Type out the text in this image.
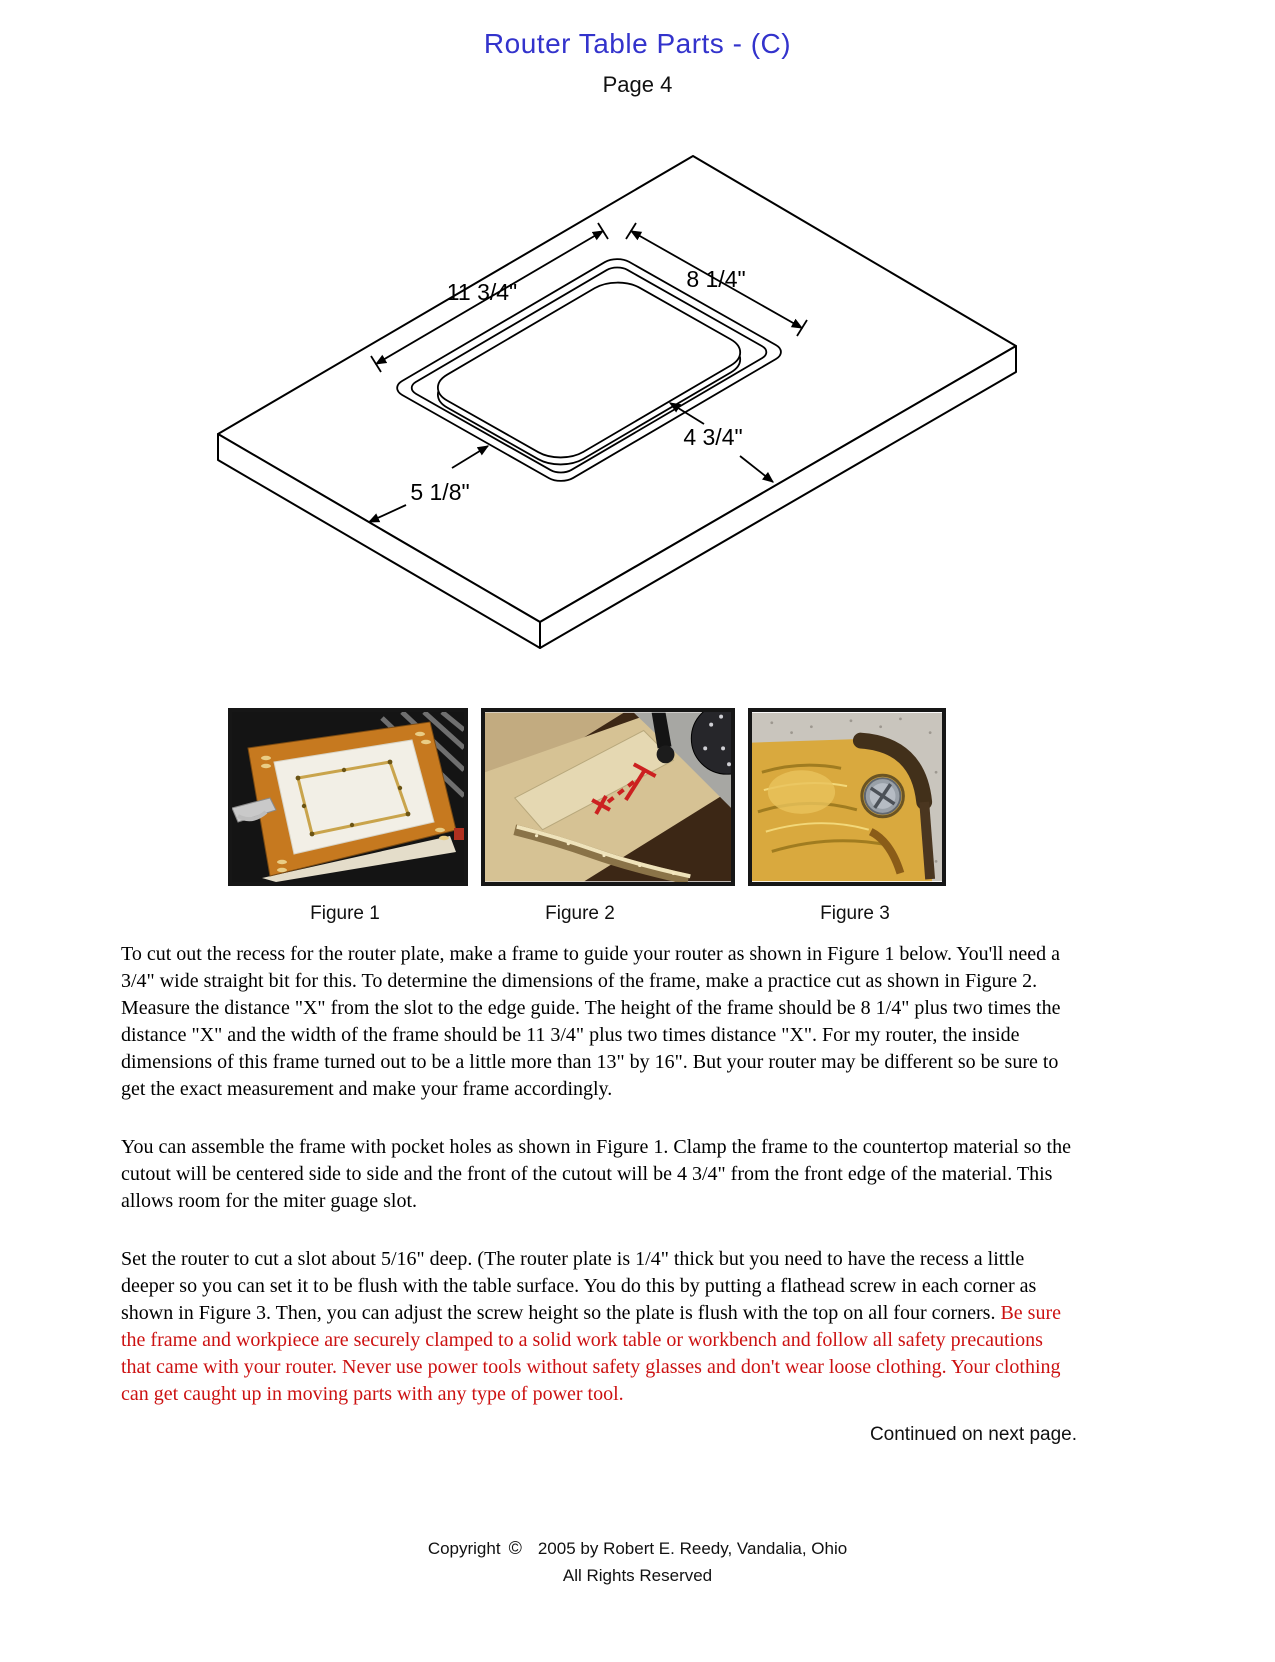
Router Table Parts - (C)
Page 4
11 3/4"	8 1/4"
4 3/4"
5 1/8"
Figure 1	Figure 2	Figure 3

To cut out the recess for the router plate, make a frame to guide your router as shown in Figure 1 below. You'll need a 3/4" wide straight bit for this. To determine the dimensions of the frame, make a practice cut as shown in Figure 2. Measure the distance "X" from the slot to the edge guide. The height of the frame should be 8 1/4" plus two times the distance "X" and the width of the frame should be 11 3/4" plus two times distance "X". For my router, the inside dimensions of this frame turned out to be a little more than 13" by 16". But your router may be different so be sure to get the exact measurement and make your frame accordingly.

You can assemble the frame with pocket holes as shown in Figure 1. Clamp the frame to the countertop material so the cutout will be centered side to side and the front of the cutout will be 4 3/4" from the front edge of the material. This allows room for the miter guage slot.

Set the router to cut a slot about 5/16" deep. (The router plate is 1/4" thick but you need to have the recess a little deeper so you can set it to be flush with the table surface. You do this by putting a flathead screw in each corner as shown in Figure 3. Then, you can adjust the screw height so the plate is flush with the top on all four corners. Be sure the frame and workpiece are securely clamped to a solid work table or workbench and follow all safety precautions that came with your router. Never use power tools without safety glasses and don't wear loose clothing. Your clothing can get caught up in moving parts with any type of power tool.

Continued on next page.
Copyright © 2005 by Robert E. Reedy, Vandalia, Ohio
All Rights Reserved
